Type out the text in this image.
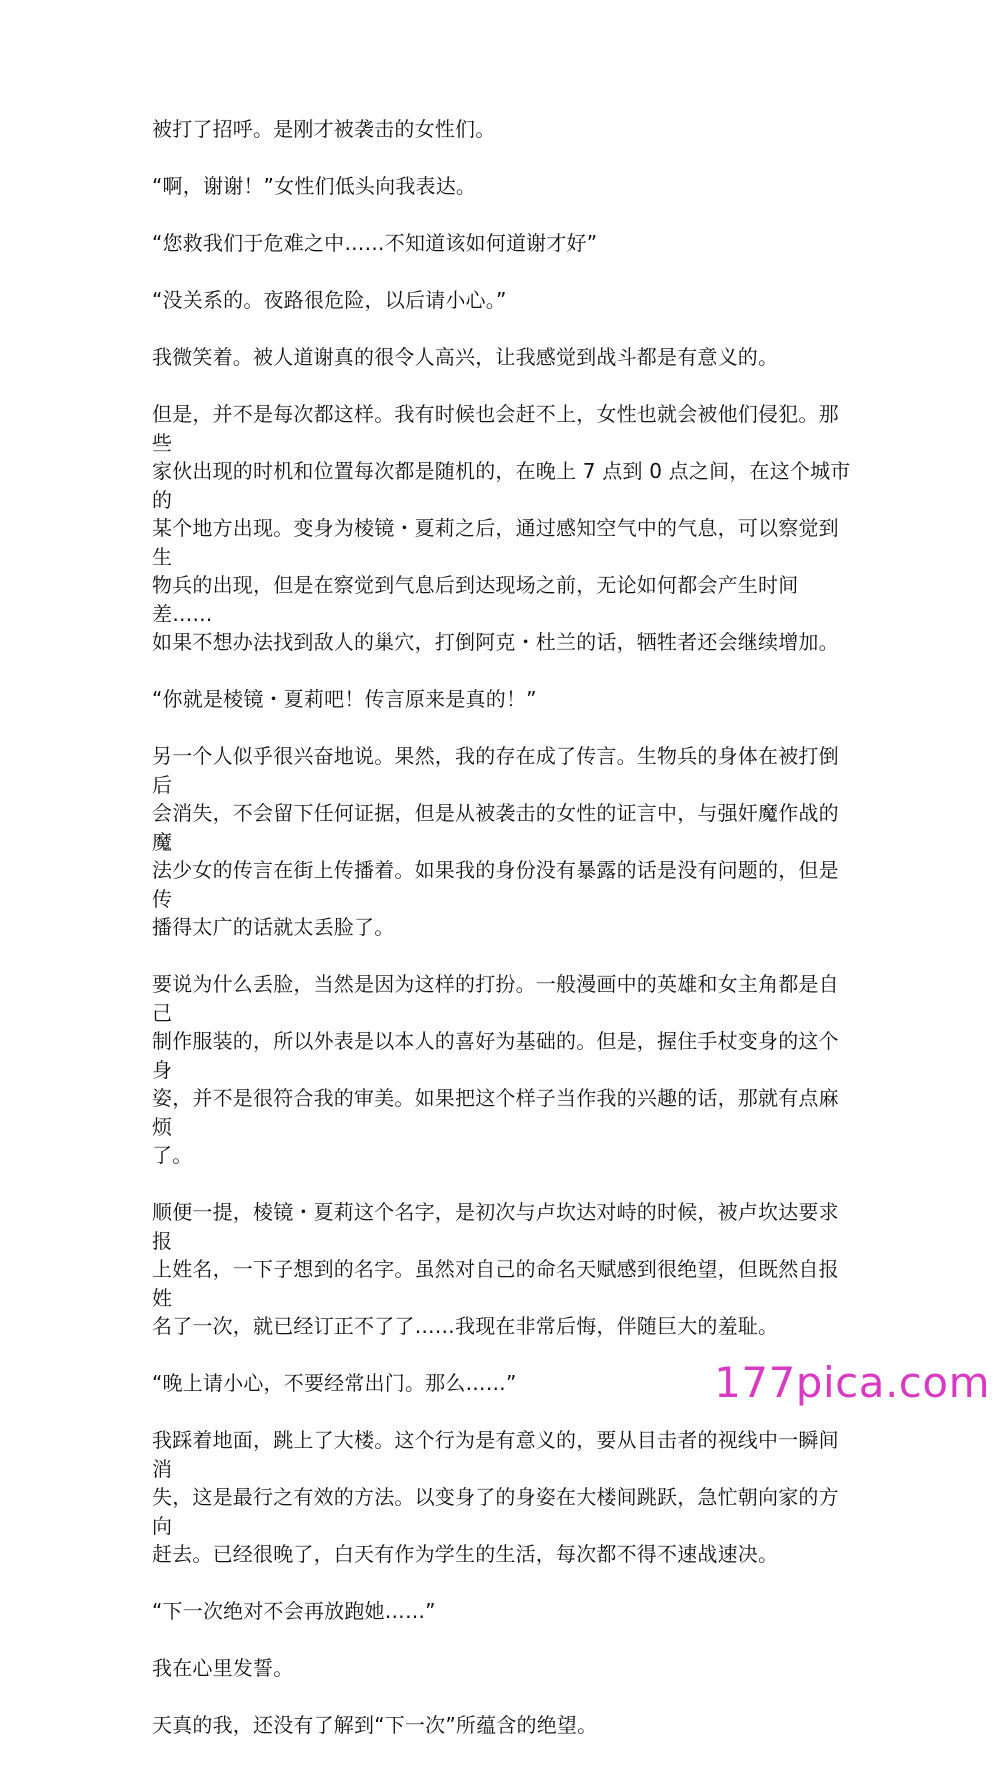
被打了招呼。是刚才被袭击的女性们。

“啊，谢谢！”女性们低头向我表达。

“您救我们于危难之中……不知道该如何道谢才好”

“没关系的。夜路很危险，以后请小心。”

我微笑着。被人道谢真的很令人高兴，让我感觉到战斗都是有意义的。

但是，并不是每次都这样。我有时候也会赶不上，女性也就会被他们侵犯。那些
家伙出现的时机和位置每次都是随机的，在晚上 7 点到 0 点之间，在这个城市的
某个地方出现。变身为棱镜・夏莉之后，通过感知空气中的气息，可以察觉到生
物兵的出现，但是在察觉到气息后到达现场之前，无论如何都会产生时间差……
如果不想办法找到敌人的巢穴，打倒阿克・杜兰的话，牺牲者还会继续增加。

“你就是棱镜・夏莉吧！传言原来是真的！”

另一个人似乎很兴奋地说。果然，我的存在成了传言。生物兵的身体在被打倒后
会消失，不会留下任何证据，但是从被袭击的女性的证言中，与强奸魔作战的魔
法少女的传言在街上传播着。如果我的身份没有暴露的话是没有问题的，但是传
播得太广的话就太丢脸了。

要说为什么丢脸，当然是因为这样的打扮。一般漫画中的英雄和女主角都是自己
制作服装的，所以外表是以本人的喜好为基础的。但是，握住手杖变身的这个身
姿，并不是很符合我的审美。如果把这个样子当作我的兴趣的话，那就有点麻烦
了。

顺便一提，棱镜・夏莉这个名字，是初次与卢坎达对峙的时候，被卢坎达要求报
上姓名，一下子想到的名字。虽然对自己的命名天赋感到很绝望，但既然自报姓
名了一次，就已经订正不了了……我现在非常后悔，伴随巨大的羞耻。

“晚上请小心，不要经常出门。那么……”

我踩着地面，跳上了大楼。这个行为是有意义的，要从目击者的视线中一瞬间消
失，这是最行之有效的方法。以变身了的身姿在大楼间跳跃，急忙朝向家的方向
赶去。已经很晚了，白天有作为学生的生活，每次都不得不速战速决。

“下一次绝对不会再放跑她……”

我在心里发誓。

天真的我，还没有了解到“下一次”所蕴含的绝望。

177pica.com
